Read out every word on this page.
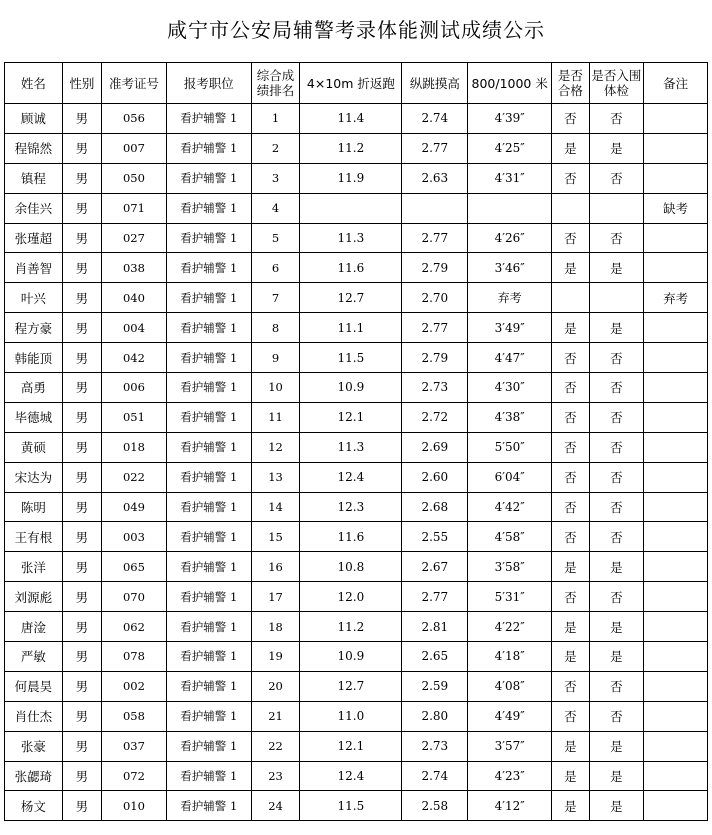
咸宁市公安局辅警考录体能测试成绩公示
姓名	性别	准考证号	报考职位	综合成绩排名	4×10m 折返跑	纵跳摸高	800/1000 米	是否合格	是否入围体检	备注
顾诚	男	056	看护辅警 1	1	11.4	2.74	4′39″	否	否	
程锦然	男	007	看护辅警 1	2	11.2	2.77	4′25″	是	是	
镇程	男	050	看护辅警 1	3	11.9	2.63	4′31″	否	否	
余佳兴	男	071	看护辅警 1	4						缺考
张瑾超	男	027	看护辅警 1	5	11.3	2.77	4′26″	否	否	
肖善智	男	038	看护辅警 1	6	11.6	2.79	3′46″	是	是	
叶兴	男	040	看护辅警 1	7	12.7	2.70	弃考			弃考
程方豪	男	004	看护辅警 1	8	11.1	2.77	3′49″	是	是	
韩能顶	男	042	看护辅警 1	9	11.5	2.79	4′47″	否	否	
高勇	男	006	看护辅警 1	10	10.9	2.73	4′30″	否	否	
毕德城	男	051	看护辅警 1	11	12.1	2.72	4′38″	否	否	
黄硕	男	018	看护辅警 1	12	11.3	2.69	5′50″	否	否	
宋达为	男	022	看护辅警 1	13	12.4	2.60	6′04″	否	否	
陈明	男	049	看护辅警 1	14	12.3	2.68	4′42″	否	否	
王有根	男	003	看护辅警 1	15	11.6	2.55	4′58″	否	否	
张洋	男	065	看护辅警 1	16	10.8	2.67	3′58″	是	是	
刘源彪	男	070	看护辅警 1	17	12.0	2.77	5′31″	否	否	
唐淦	男	062	看护辅警 1	18	11.2	2.81	4′22″	是	是	
严敏	男	078	看护辅警 1	19	10.9	2.65	4′18″	是	是	
何晨昊	男	002	看护辅警 1	20	12.7	2.59	4′08″	否	否	
肖仕杰	男	058	看护辅警 1	21	11.0	2.80	4′49″	否	否	
张豪	男	037	看护辅警 1	22	12.1	2.73	3′57″	是	是	
张勰琦	男	072	看护辅警 1	23	12.4	2.74	4′23″	是	是	
杨文	男	010	看护辅警 1	24	11.5	2.58	4′12″	是	是	
